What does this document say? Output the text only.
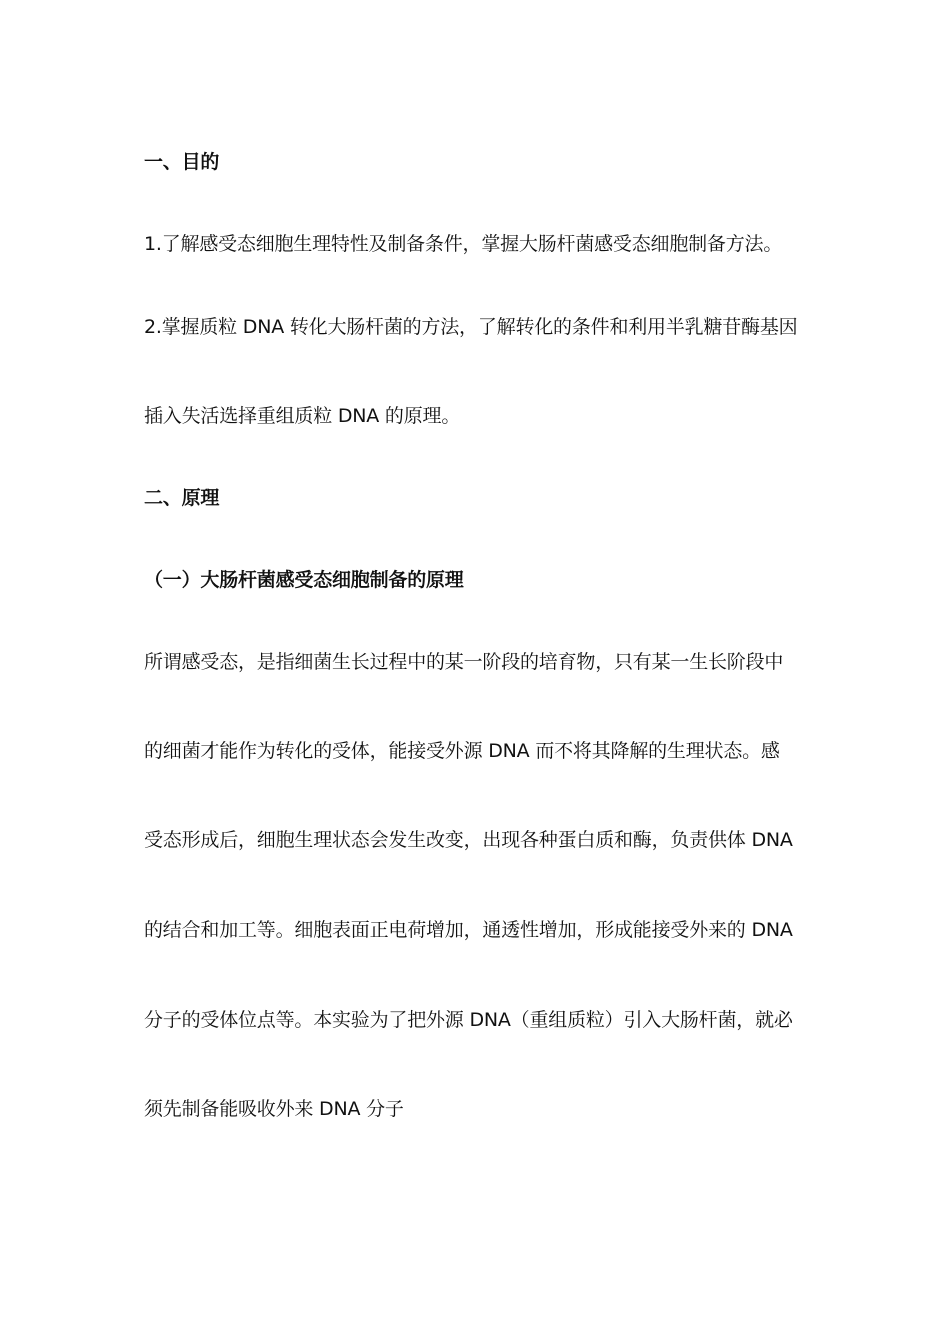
一、目的
1.了解感受态细胞生理特性及制备条件，掌握大肠杆菌感受态细胞制备方法。
2.掌握质粒 DNA 转化大肠杆菌的方法，了解转化的条件和利用半乳糖苷酶基因
插入失活选择重组质粒 DNA 的原理。
二、原理
（一）大肠杆菌感受态细胞制备的原理
所谓感受态，是指细菌生长过程中的某一阶段的培育物，只有某一生长阶段中
的细菌才能作为转化的受体，能接受外源 DNA 而不将其降解的生理状态。感
受态形成后，细胞生理状态会发生改变，出现各种蛋白质和酶，负责供体 DNA
的结合和加工等。细胞表面正电荷增加，通透性增加，形成能接受外来的 DNA
分子的受体位点等。本实验为了把外源 DNA（重组质粒）引入大肠杆菌，就必
须先制备能吸收外来 DNA 分子
